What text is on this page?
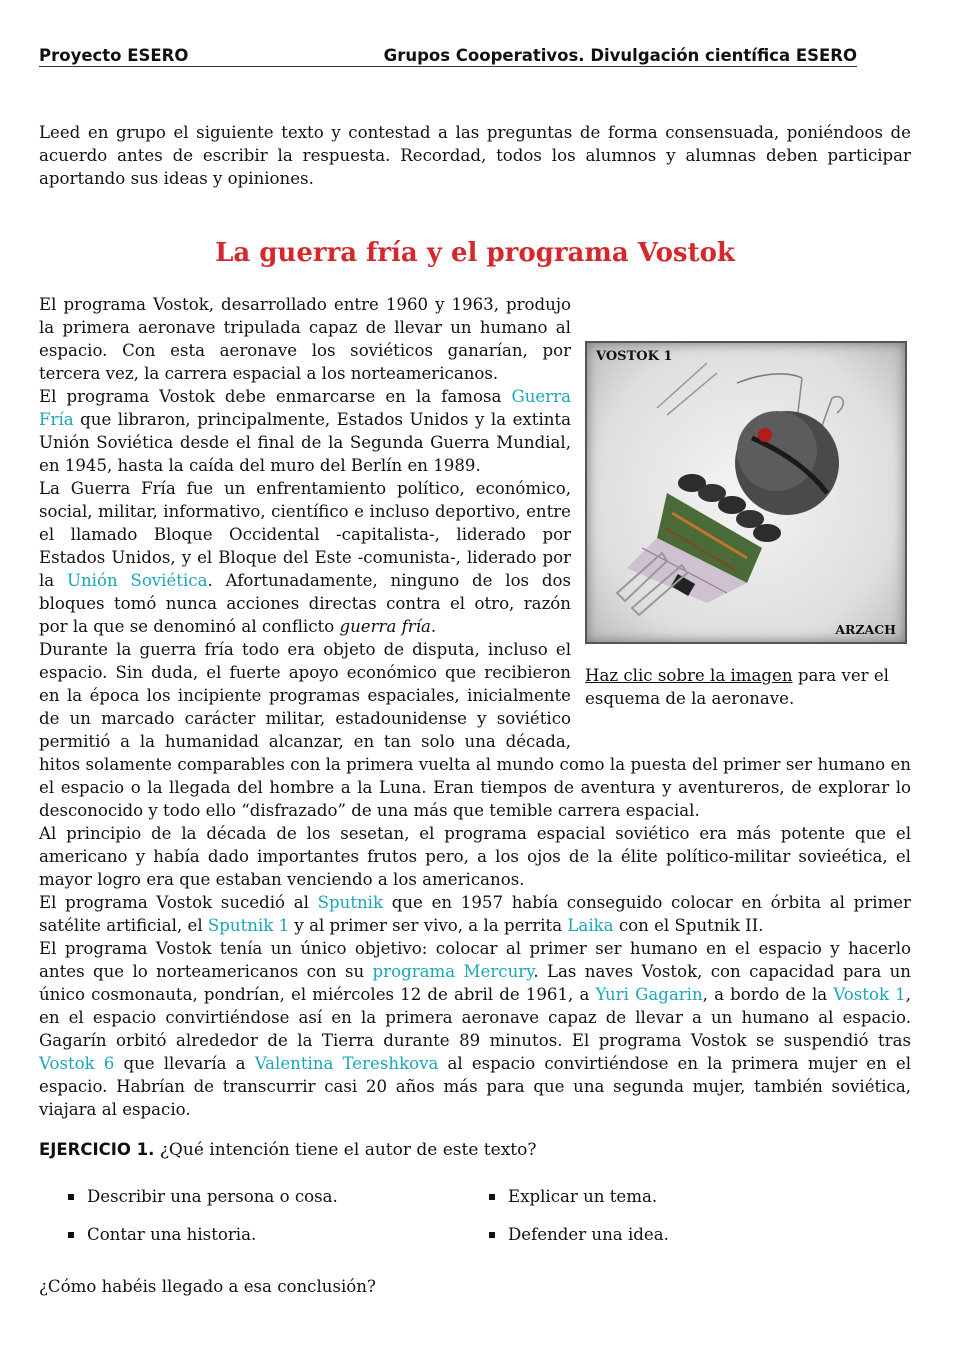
Proyecto ESERO	Grupos Cooperativos. Divulgación científica ESERO
Leed en grupo el siguiente texto y contestad a las preguntas de forma consensuada, poniéndoos de acuerdo antes de escribir la respuesta. Recordad, todos los alumnos y alumnas deben participar aportando sus ideas y opiniones.
La guerra fría y el programa Vostok

El programa Vostok, desarrollado entre 1960 y 1963, produjo la primera aeronave tripulada capaz de llevar un humano al espacio. Con esta aeronave los soviéticos ganarían, por tercera vez, la carrera espacial a los norteamericanos.

El programa Vostok debe enmarcarse en la famosa Guerra Fría que libraron, principalmente, Estados Unidos y la extinta Unión Soviética desde el final de la Segunda Guerra Mundial, en 1945, hasta la caída del muro del Berlín en 1989.

La Guerra Fría fue un enfrentamiento político, económico, social, militar, informativo, científico e incluso deportivo, entre el llamado Bloque Occidental -capitalista-, liderado por Estados Unidos, y el Bloque del Este -comunista-, liderado por la Unión Soviética. Afortunadamente, ninguno de los dos bloques tomó nunca acciones directas contra el otro, razón por la que se denominó al conflicto guerra fría.

Durante la guerra fría todo era objeto de disputa, incluso el espacio. Sin duda, el fuerte apoyo económico que recibieron en la época los incipiente programas espaciales, inicialmente de un marcado carácter militar, estadounidense y soviético permitió a la humanidad alcanzar, en tan solo una década, hitos solamente comparables con la primera vuelta al mundo como la puesta del primer ser humano en el espacio o la llegada del hombre a la Luna. Eran tiempos de aventura y aventureros, de explorar lo desconocido y todo ello “disfrazado” de una más que temible carrera espacial.

Al principio de la década de los sesetan, el programa espacial soviético era más potente que el americano y había dado importantes frutos pero, a los ojos de la élite político-militar sovieética, el mayor logro era que estaban venciendo a los americanos.

El programa Vostok sucedió al Sputnik que en 1957 había conseguido colocar en órbita al primer satélite artificial, el Sputnik 1 y al primer ser vivo, a la perrita Laika con el Sputnik II.

El programa Vostok tenía un único objetivo: colocar al primer ser humano en el espacio y hacerlo antes que lo norteamericanos con su programa Mercury. Las naves Vostok, con capacidad para un único cosmonauta, pondrían, el miércoles 12 de abril de 1961, a Yuri Gagarin, a bordo de la Vostok 1, en el espacio convirtiéndose así en la primera aeronave capaz de llevar a un humano al espacio. Gagarín orbitó alrededor de la Tierra durante 89 minutos. El programa Vostok se suspendió tras Vostok 6 que llevaría a Valentina Tereshkova al espacio convirtiéndose en la primera mujer en el espacio. Habrían de transcurrir casi 20 años más para que una segunda mujer, también soviética, viajara al espacio.

VOSTOK 1
ARZACH
Haz clic sobre la imagen para ver el esquema de la aeronave.
EJERCICIO 1. ¿Qué intención tiene el autor de este texto?
Describir una persona o cosa.	Explicar un tema.
Contar una historia.	Defender una idea.
¿Cómo habéis llegado a esa conclusión?
